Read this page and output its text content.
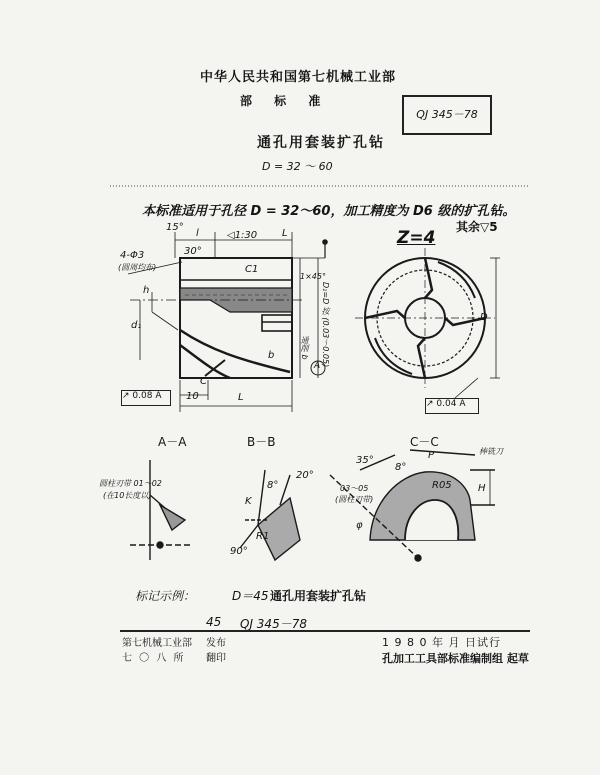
中华人民共和国第七机械工业部
部 标 准
QJ 345－78
通孔用套装扩孔钻
D = 32 ～ 60
本标准适用于孔径 D = 32～60，加工精度为 D6 级的扩孔钻。
其余▽5
Z=4
15°
l	◁1:30 L
4-Φ3
(圆周均布)
30°
C1
1×45°
h
d₁
b	D₁=D 按 (0.03～0.05)
通削 b
A
C
10	L
↗ 0.08 A
D
↗ 0.04 A
A－A
圆柱刃带 01～02
(在10长度以)
B－B
8°
20°
K
R1
90°
C－C
8°
P	棒铣刀
R05	H
03～05
(圆柱刃带)
35°
φ
标记示例：	D＝45 通孔用套装扩孔钻
45 QJ 345－78
第七机械工业部 发布
七 〇 八 所 翻印
1 9 8 0 年 月 日试行
孔加工工具部标准编制组 起草
